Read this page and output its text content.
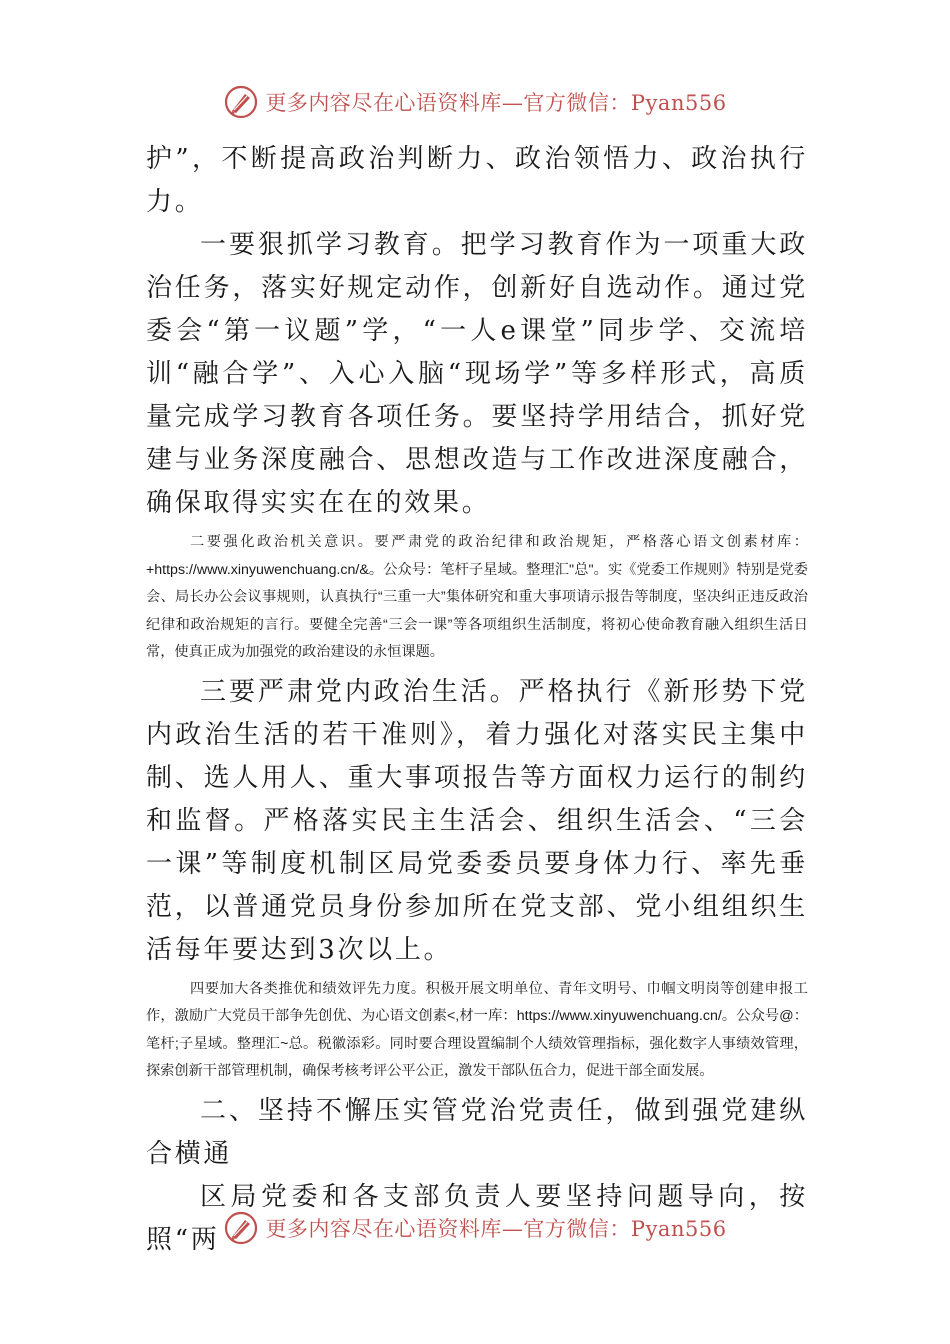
更多内容尽在心语资料库—官方微信：Pyan556

护”，不断提高政治判断力、政治领悟力、政治执行力。

一要狠抓学习教育。把学习教育作为一项重大政治任务，落实好规定动作，创新好自选动作。通过党委会“第一议题”学，“一人e课堂”同步学、交流培训“融合学”、入心入脑“现场学”等多样形式，高质量完成学习教育各项任务。要坚持学用结合，抓好党建与业务深度融合、思想改造与工作改进深度融合，确保取得实实在在的效果。

二要强化政治机关意识。要严肃党的政治纪律和政治规矩，严格落心语文创素材库：+https://www.xinyuwenchuang.cn/&。公众号：笔杆子星域。整理汇"总"。实《党委工作规则》特别是党委会、局长办公会议事规则，认真执行“三重一大”集体研究和重大事项请示报告等制度，坚决纠正违反政治纪律和政治规矩的言行。要健全完善“三会一课”等各项组织生活制度，将初心使命教育融入组织生活日常，使真正成为加强党的政治建设的永恒课题。

三要严肃党内政治生活。严格执行《新形势下党内政治生活的若干准则》，着力强化对落实民主集中制、选人用人、重大事项报告等方面权力运行的制约和监督。严格落实民主生活会、组织生活会、“三会一课”等制度机制区局党委委员要身体力行、率先垂范，以普通党员身份参加所在党支部、党小组组织生活每年要达到3次以上。

四要加大各类推优和绩效评先力度。积极开展文明单位、青年文明号、巾帼文明岗等创建申报工作，激励广大党员干部争先创优、为心语文创素<,材一库：https://www.xinyuwenchuang.cn/。公众号@：笔杆;子星域。整理汇~总。税徽添彩。同时要合理设置编制个人绩效管理指标，强化数字人事绩效管理，探索创新干部管理机制，确保考核考评公平公正，激发干部队伍合力，促进干部全面发展。

二、坚持不懈压实管党治党责任，做到强党建纵合横通

区局党委和各支部负责人要坚持问题导向，按照“两	更多内容尽在心语资料库—官方微信：Pyan556
